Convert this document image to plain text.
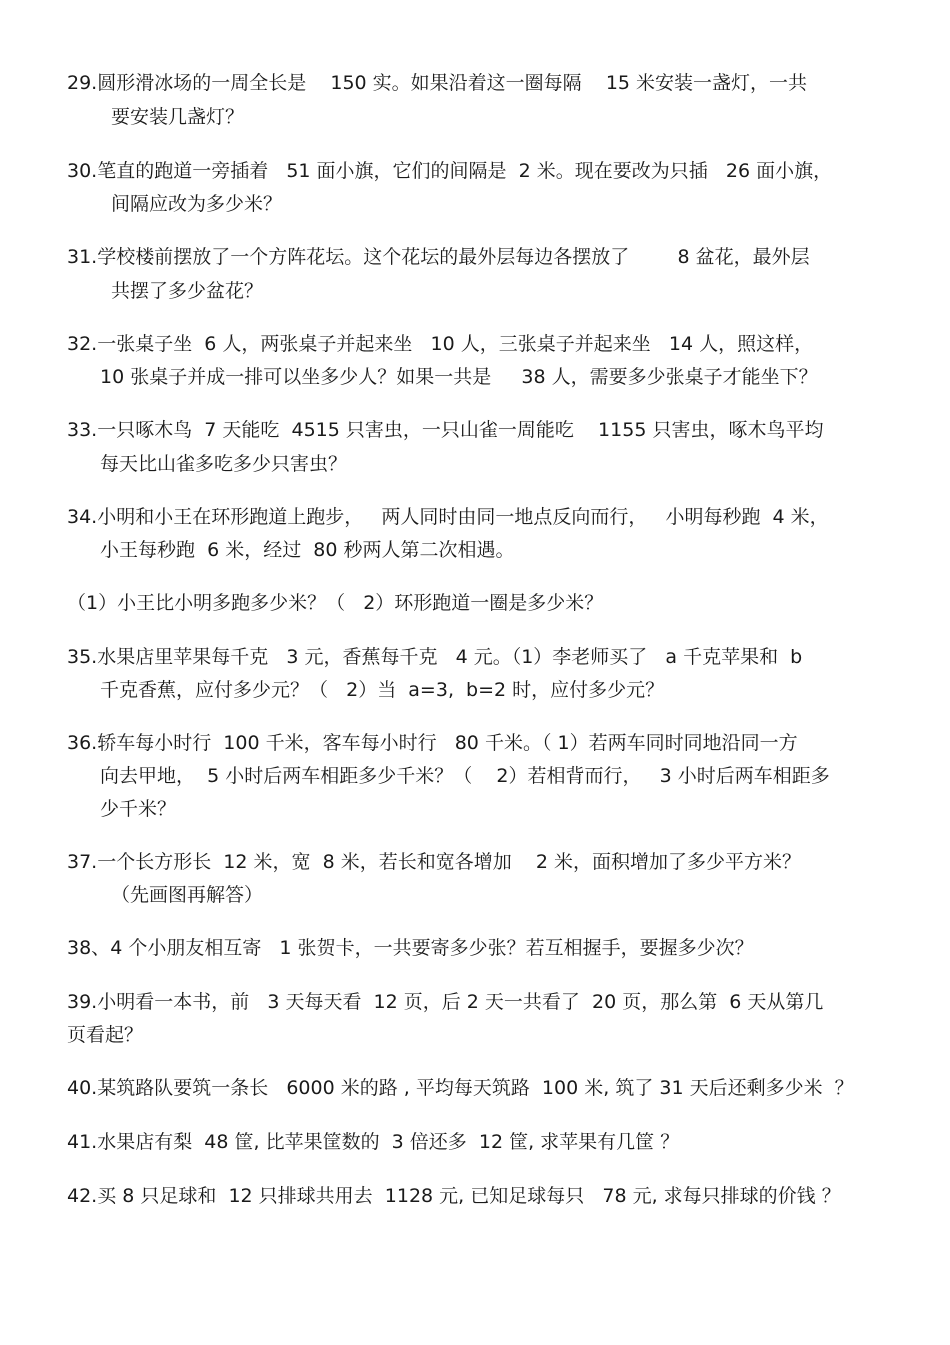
29.圆形滑冰场的一周全长是    150 实。如果沿着这一圈每隔    15 米安装一盏灯，一共
要安装几盏灯？
30.笔直的跑道一旁插着   51 面小旗，它们的间隔是  2 米。现在要改为只插   26 面小旗，
间隔应改为多少米？
31.学校楼前摆放了一个方阵花坛。这个花坛的最外层每边各摆放了        8 盆花，最外层
共摆了多少盆花？
32.一张桌子坐  6 人，两张桌子并起来坐   10 人，三张桌子并起来坐   14 人，照这样，
10 张桌子并成一排可以坐多少人？如果一共是     38 人，需要多少张桌子才能坐下？
33.一只啄木鸟  7 天能吃  4515 只害虫，一只山雀一周能吃    1155 只害虫，啄木鸟平均
每天比山雀多吃多少只害虫？
34.小明和小王在环形跑道上跑步，   两人同时由同一地点反向而行，   小明每秒跑  4 米，
小王每秒跑  6 米，经过  80 秒两人第二次相遇。
（1）小王比小明多跑多少米？（   2）环形跑道一圈是多少米？
35.水果店里苹果每千克   3 元，香蕉每千克   4 元。（1）李老师买了   a 千克苹果和  b
千克香蕉，应付多少元？（   2）当  a=3,  b=2 时，应付多少元？
36.轿车每小时行  100 千米，客车每小时行   80 千米。（ 1）若两车同时同地沿同一方
向去甲地，  5 小时后两车相距多少千米？（    2）若相背而行，   3 小时后两车相距多
少千米？
37.一个长方形长  12 米，宽  8 米，若长和宽各增加    2 米，面积增加了多少平方米？
（先画图再解答）
38、4 个小朋友相互寄   1 张贺卡，一共要寄多少张？若互相握手，要握多少次？
39.小明看一本书，前   3 天每天看  12 页，后 2 天一共看了  20 页，那么第  6 天从第几
页看起？
40.某筑路队要筑一条长   6000 米的路 , 平均每天筑路  100 米, 筑了 31 天后还剩多少米  ？
41.水果店有梨  48 筐, 比苹果筐数的  3 倍还多  12 筐, 求苹果有几筐 ？
42.买 8 只足球和  12 只排球共用去  1128 元, 已知足球每只   78 元, 求每只排球的价钱 ？
